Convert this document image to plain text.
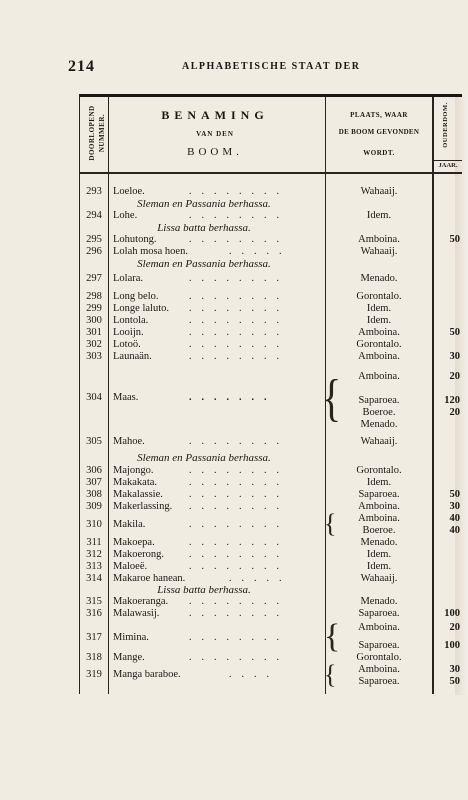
214	ALPHABETISCHE STAAT DER
DOORLOPEND NUMMER.	BENAMING
VAN DEN
BOOM.
PLAATS, WAAR
DE BOOM GEVONDEN
WORDT.
OUDERDOM.
JAAR.
293	Loeloe.	........	Wahaaij.
Sleman en Passania berhassa.
294	Lohe.	........	Idem.
Lissa batta berhassa.
295	Lohutong.	........	Amboina.	50
296	Lolah mosa hoen.	.....	Wahaaij.
Sleman en Passania berhassa.
297	Lolara.	........	Menado.
298	Long belo.	........	Gorontalo.
299	Longe laluto. ........	Idem.
300	Lontola.	........	Idem.
301	Looijn.	........	Amboina.	50
302	Lotoö.	........	Gorontalo.
303	Launaän.	........	Amboina.	30
304	Maas.	.......	{	Amboina.	20
Saparoea.	120
Boeroe.	20
Menado.
305	Mahoe.	........	Wahaaij.
Sleman en Passania berhassa.
306	Majongo.	........	Gorontalo.
307	Makakata.	........	Idem.
308	Makalassie.	........	Saparoea.	50
309	Makerlassing. ........	Amboina.	30
310	Makila.	........	{	Amboina.	40
Boeroe.	40
311	Makoepa.	........	Menado.
312	Makoerong. ........	Idem.
313	Maloeë.	........	Idem.
314	Makaroe hanean.	.....	Wahaaij.
Lissa batta berhassa.
315	Makoeranga. ........	Menado.
316	Malawasij.	........	Saparoea.	100
317	Mimina.	........	{	Amboina.	20
Saparoea.	100
318	Mange.	........	Gorontalo.
319	Manga baraboe.	....	{	Amboina.	30
Saparoea.	50
